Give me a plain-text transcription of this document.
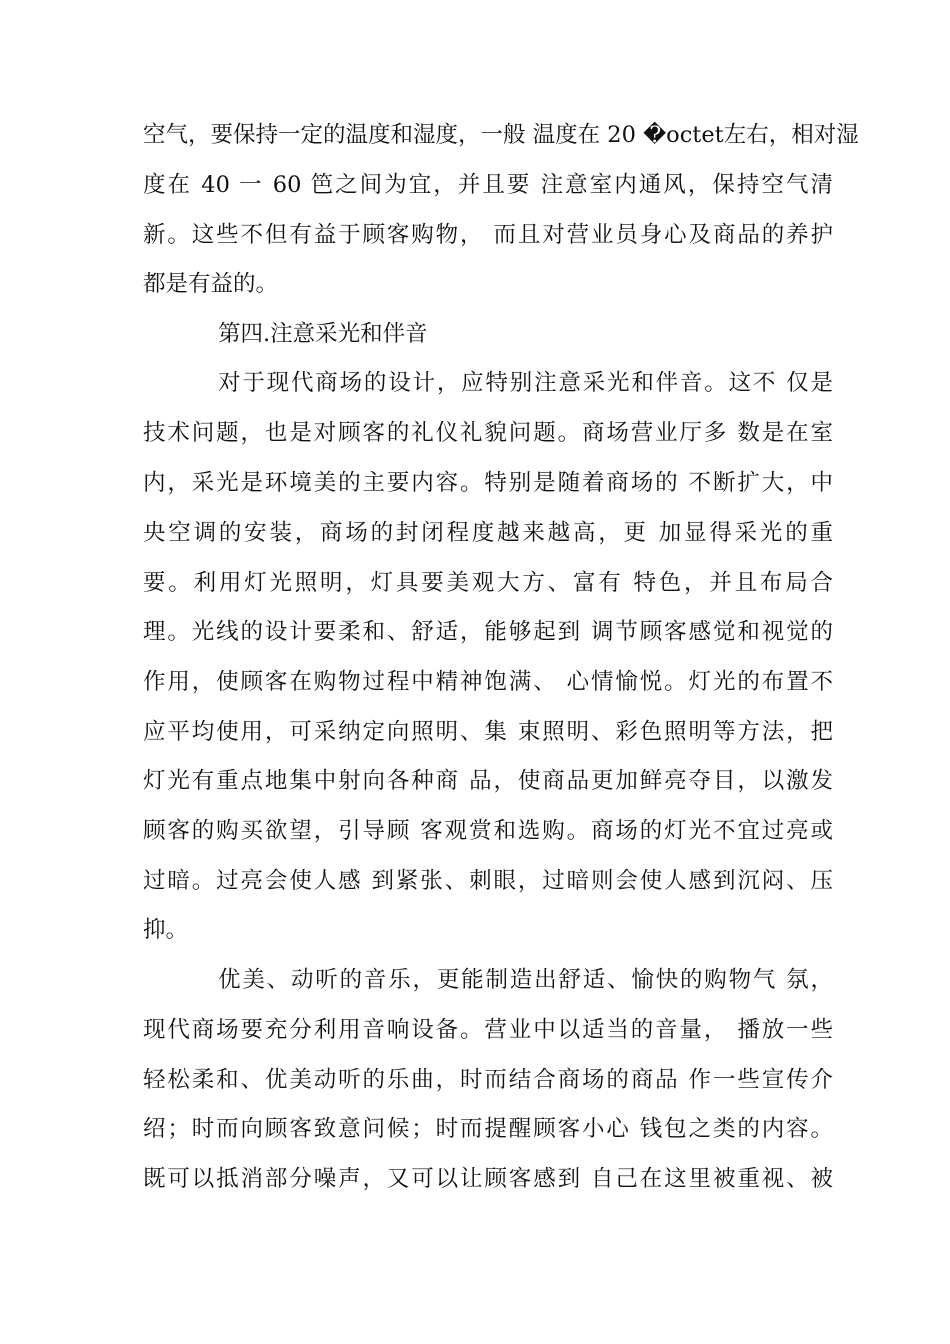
空气，要保持一定的温度和湿度，一般 温度在 20 �octet左右，相对湿
度在 40 一 60 笆之间为宜，并且要 注意室内通风，保持空气清
新。这些不但有益于顾客购物， 而且对营业员身心及商品的养护
都是有益的。
第四.注意采光和伴音
对于现代商场的设计，应特别注意采光和伴音。这不 仅是
技术问题，也是对顾客的礼仪礼貌问题。商场营业厅多 数是在室
内，采光是环境美的主要内容。特别是随着商场的 不断扩大，中
央空调的安装，商场的封闭程度越来越高，更 加显得采光的重
要。利用灯光照明，灯具要美观大方、富有 特色，并且布局合
理。光线的设计要柔和、舒适，能够起到 调节顾客感觉和视觉的
作用，使顾客在购物过程中精神饱满、 心情愉悦。灯光的布置不
应平均使用，可采纳定向照明、集 束照明、彩色照明等方法，把
灯光有重点地集中射向各种商 品，使商品更加鲜亮夺目，以激发
顾客的购买欲望，引导顾 客观赏和选购。商场的灯光不宜过亮或
过暗。过亮会使人感 到紧张、刺眼，过暗则会使人感到沉闷、压
抑。
优美、动听的音乐，更能制造出舒适、愉快的购物气 氛，
现代商场要充分利用音响设备。营业中以适当的音量， 播放一些
轻松柔和、优美动听的乐曲，时而结合商场的商品 作一些宣传介
绍；时而向顾客致意问候；时而提醒顾客小心 钱包之类的内容。
既可以抵消部分噪声，又可以让顾客感到 自己在这里被重视、被
